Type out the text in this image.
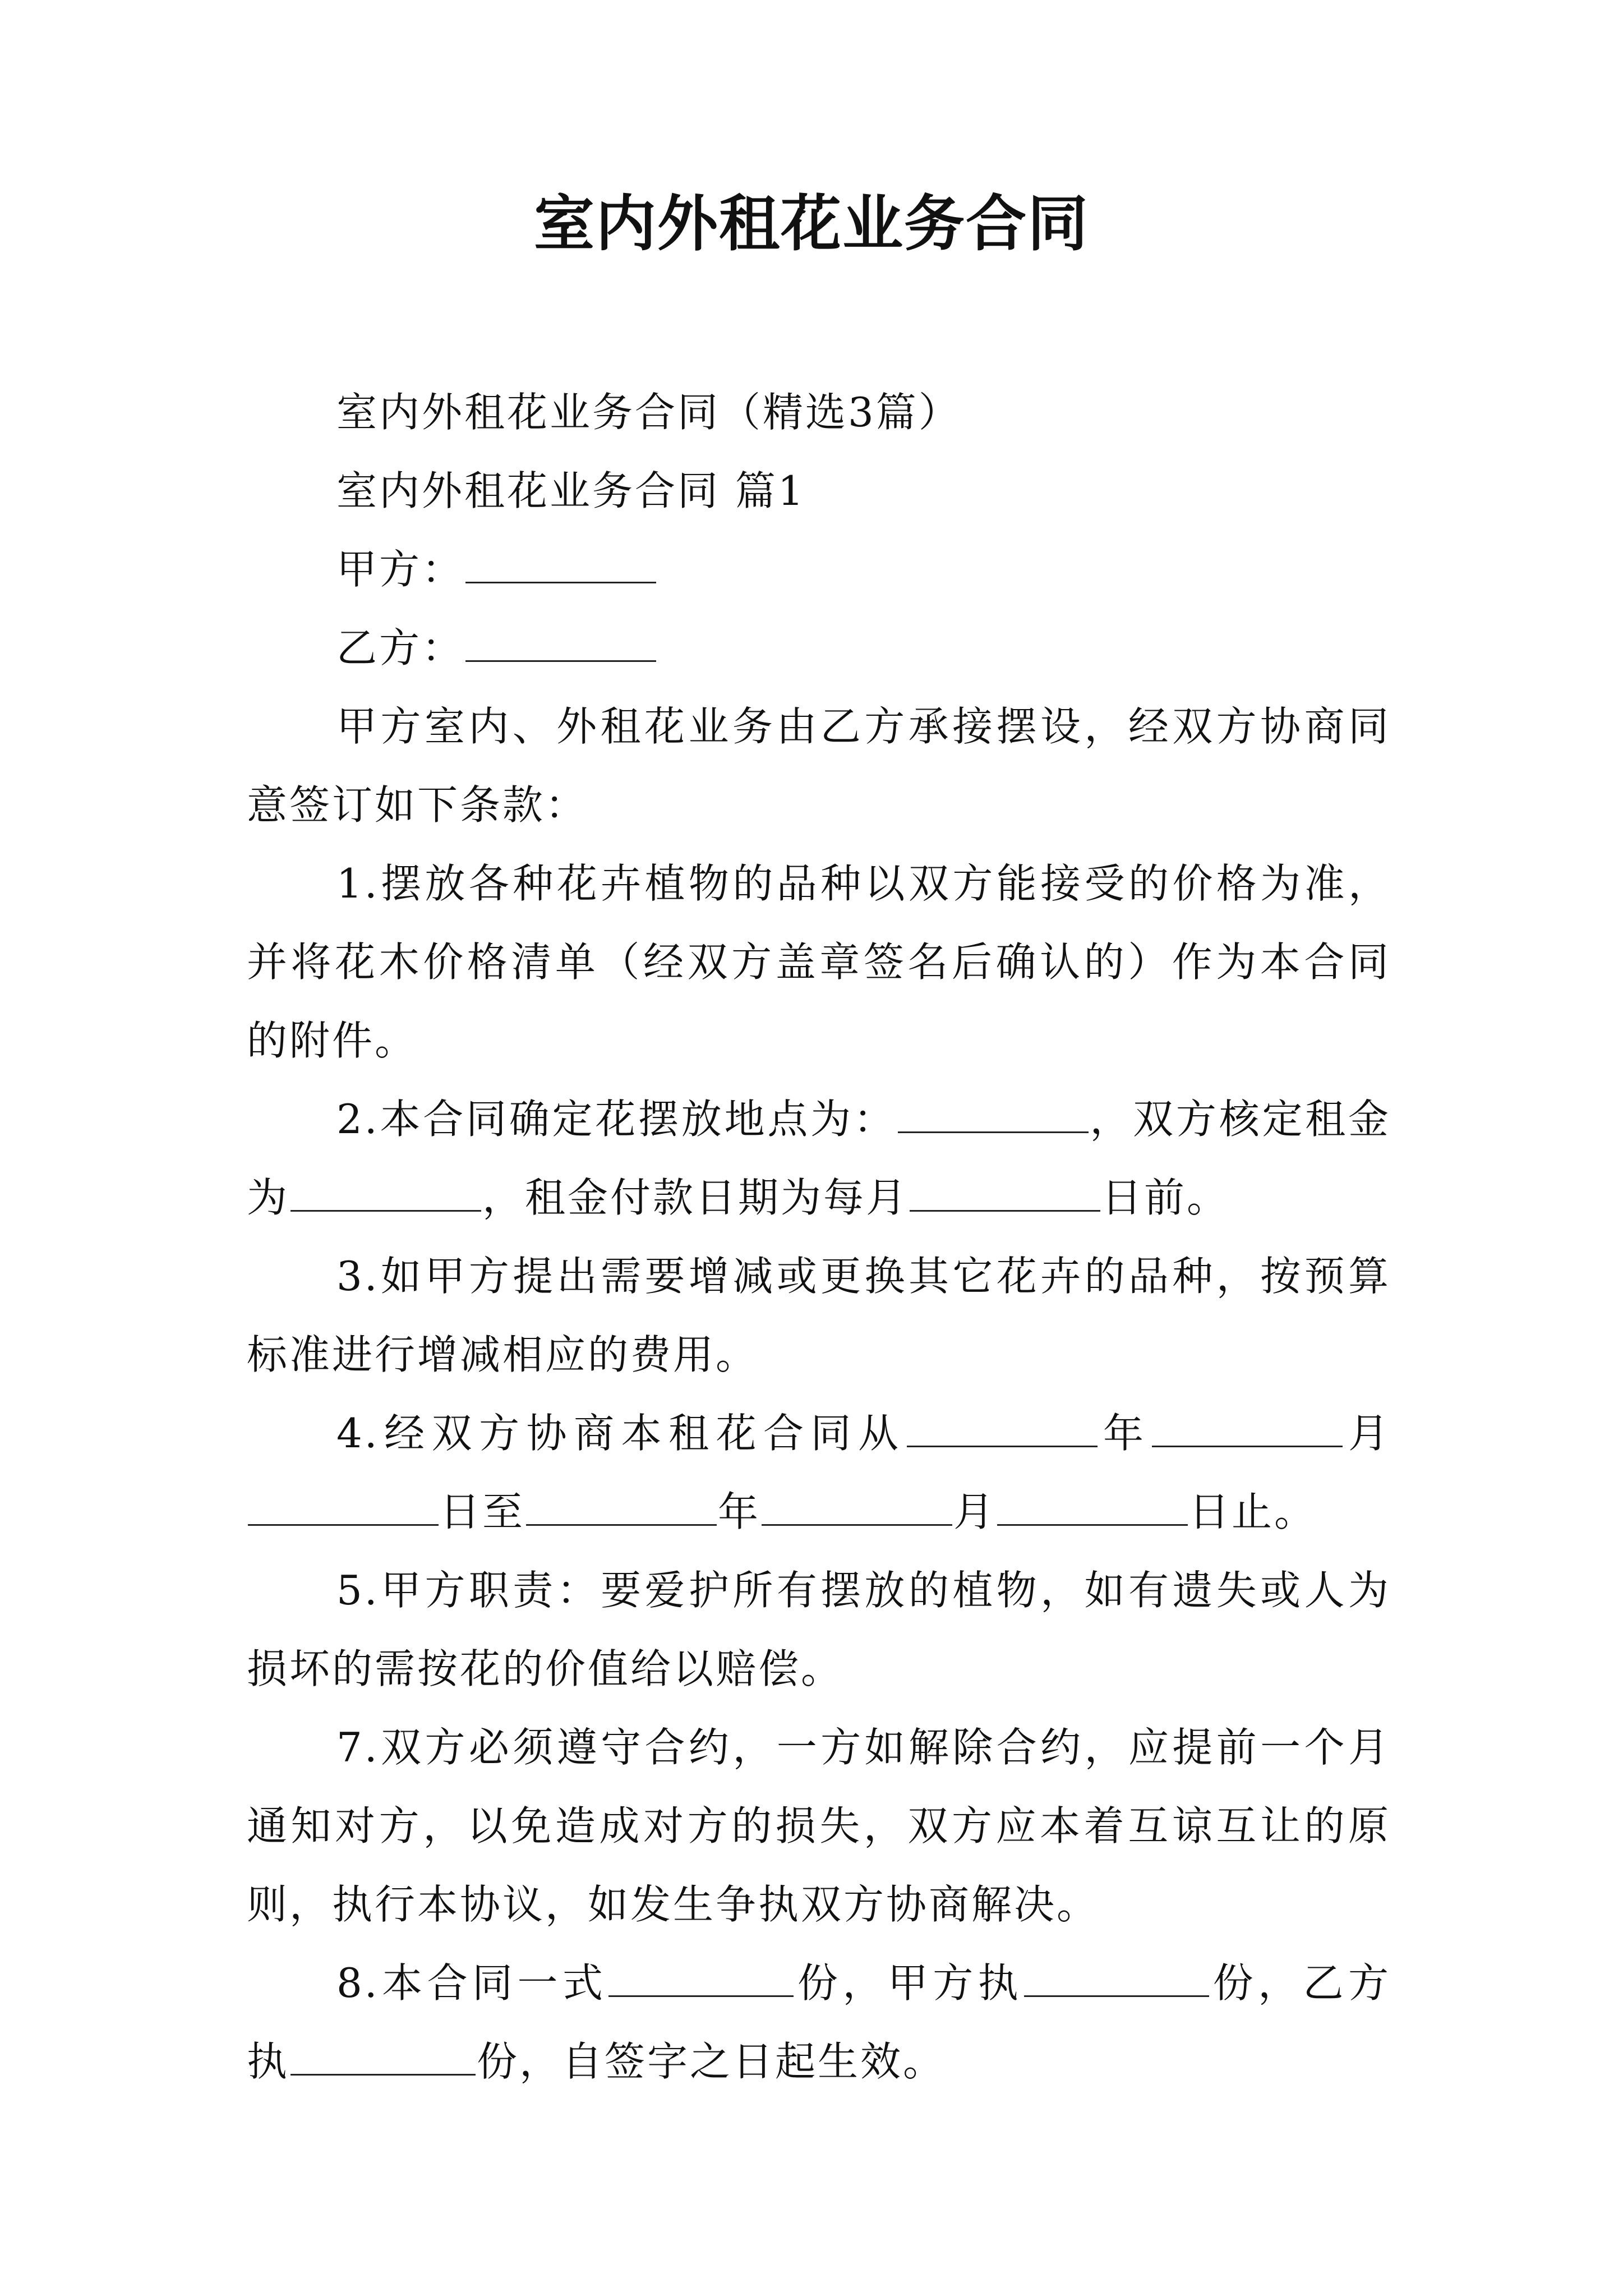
室内外租花业务合同

室内外租花业务合同（精选3篇）

室内外租花业务合同 篇1

甲方：

乙方：

甲方室内、外租花业务由乙方承接摆设，经双方协商同意签订如下条款：

1.摆放各种花卉植物的品种以双方能接受的价格为准，并将花木价格清单（经双方盖章签名后确认的）作为本合同的附件。

2.本合同确定花摆放地点为：	，双方核定租金为	，租金付款日期为每月	日前。

3.如甲方提出需要增减或更换其它花卉的品种，按预算标准进行增减相应的费用。

4.经双方协商本租花合同从	年	月日至	年	月	日止。

5.甲方职责：要爱护所有摆放的植物，如有遗失或人为损坏的需按花的价值给以赔偿。

7.双方必须遵守合约，一方如解除合约，应提前一个月通知对方，以免造成对方的损失，双方应本着互谅互让的原则，执行本协议，如发生争执双方协商解决。

8.本合同一式	份，甲方执	份，乙方执	份，自签字之日起生效。
